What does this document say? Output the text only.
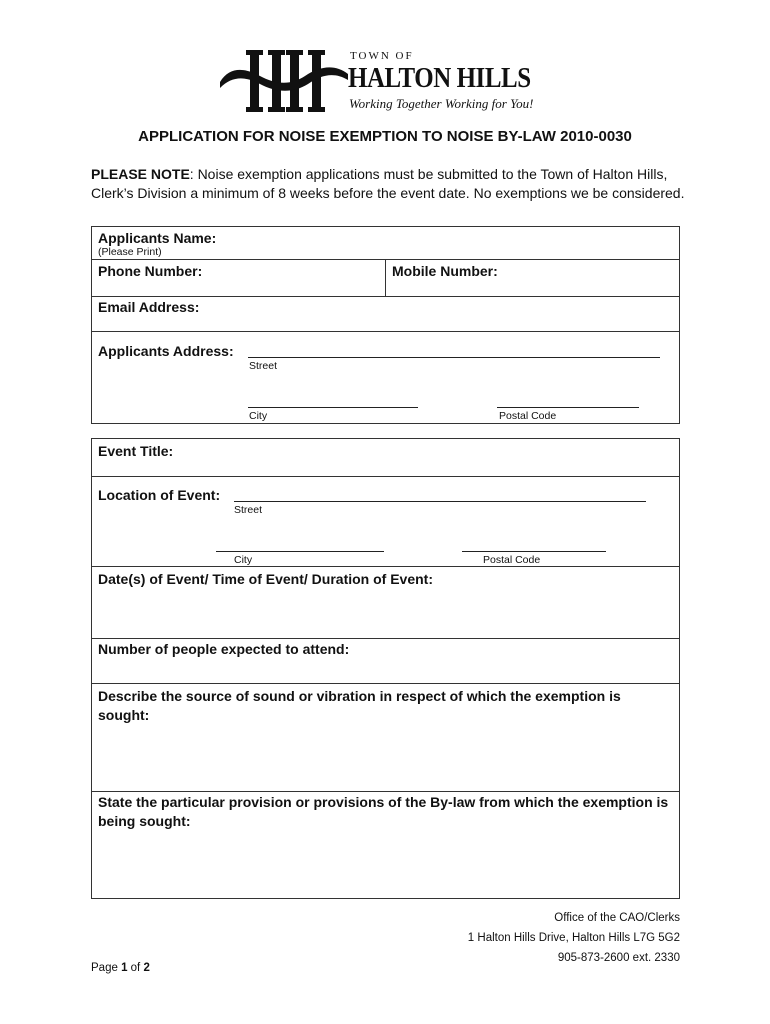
TOWN OF
HALTON HILLS
Working Together Working for You!
APPLICATION FOR NOISE EXEMPTION TO NOISE BY-LAW 2010-0030
PLEASE NOTE: Noise exemption applications must be submitted to the Town of Halton Hills, Clerk’s Division a minimum of 8 weeks before the event date. No exemptions we be considered.
Applicants Name:
(Please Print)
Phone Number:	Mobile Number:
Email Address:
Applicants Address:
Street
City	Postal Code
Event Title:
Location of Event:
Street
City	Postal Code
Date(s) of Event/ Time of Event/ Duration of Event:
Number of people expected to attend:
Describe the source of sound or vibration in respect of which the exemption is sought:
State the particular provision or provisions of the By-law from which the exemption is being sought:
Office of the CAO/Clerks
1 Halton Hills Drive, Halton Hills L7G 5G2
905-873-2600 ext. 2330
Page 1 of 2
